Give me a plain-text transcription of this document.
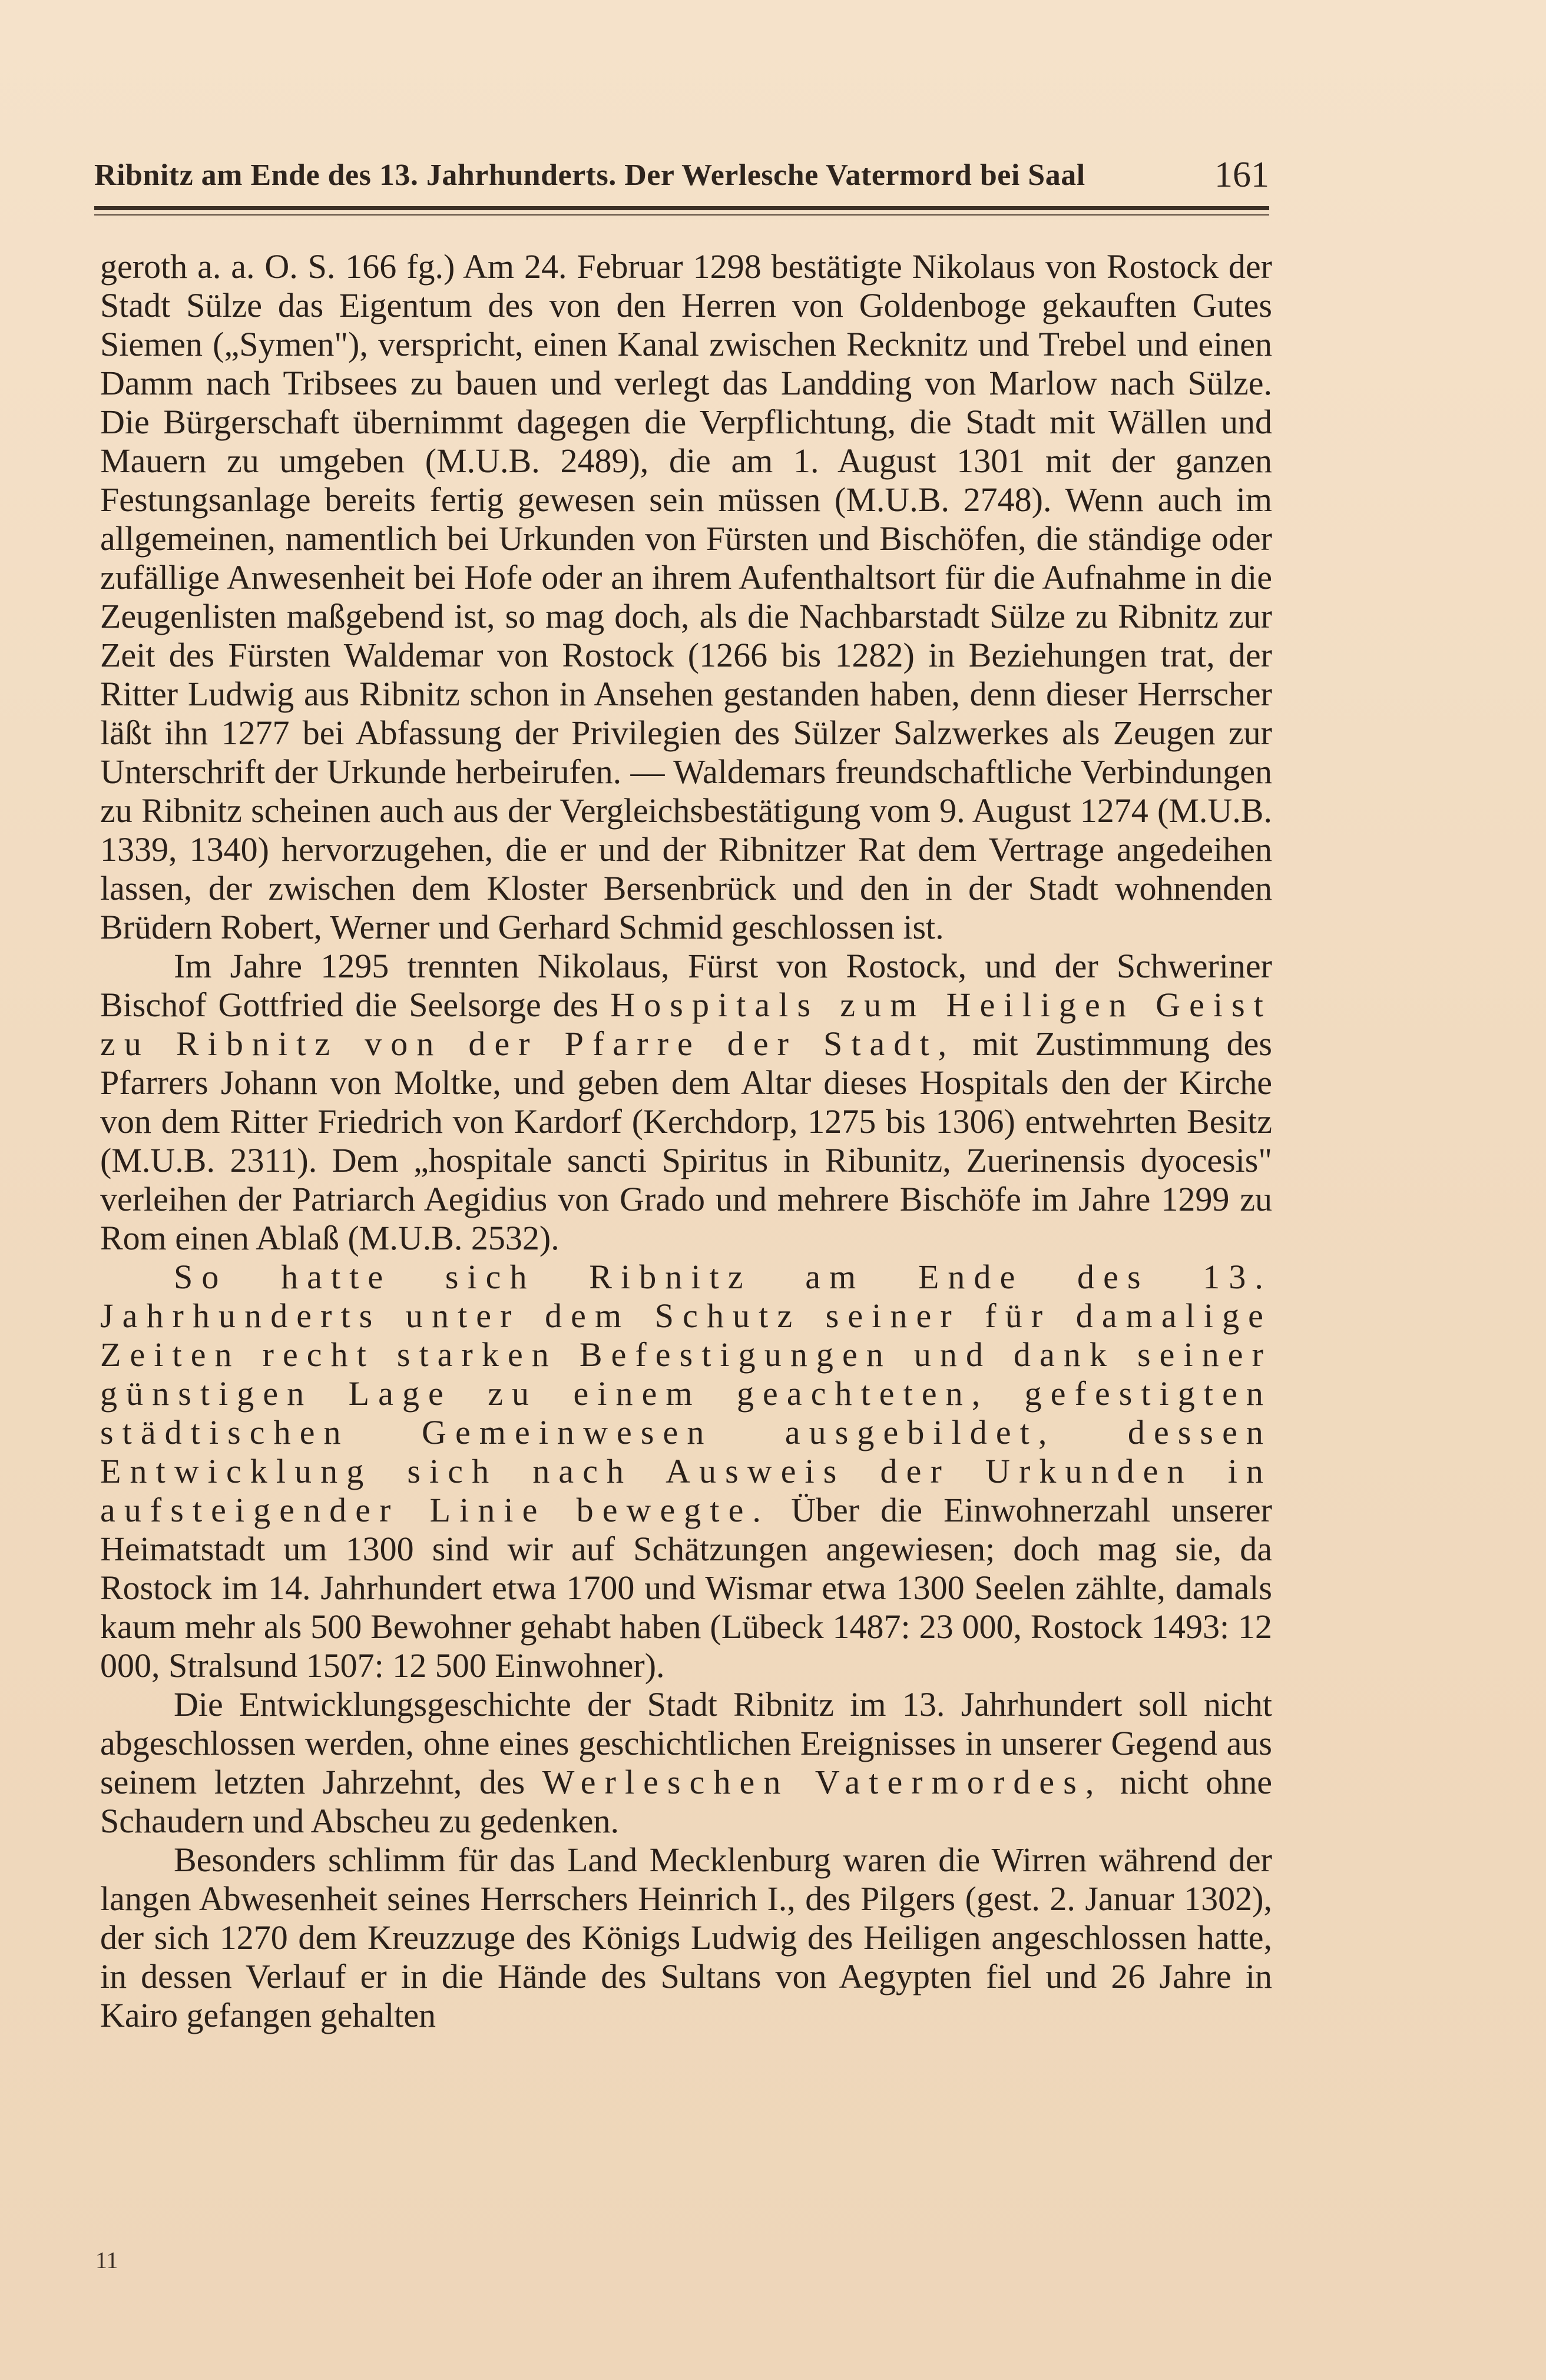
Ribnitz am Ende des 13. Jahrhunderts. Der Werlesche Vatermord bei Saal	161

geroth a. a. O. S. 166 fg.) Am 24. Februar 1298 bestätigte Nikolaus von Rostock der Stadt Sülze das Eigentum des von den Herren von Goldenboge gekauften Gutes Siemen („Symen"), verspricht, einen Kanal zwischen Recknitz und Trebel und einen Damm nach Tribsees zu bauen und verlegt das Landding von Marlow nach Sülze. Die Bürgerschaft übernimmt dagegen die Verpflichtung, die Stadt mit Wällen und Mauern zu umgeben (M.U.B. 2489), die am 1. August 1301 mit der ganzen Festungsanlage bereits fertig gewesen sein müssen (M.U.B. 2748). Wenn auch im allgemeinen, namentlich bei Urkunden von Fürsten und Bischöfen, die ständige oder zufällige Anwesenheit bei Hofe oder an ihrem Aufenthaltsort für die Aufnahme in die Zeugenlisten maßgebend ist, so mag doch, als die Nachbarstadt Sülze zu Ribnitz zur Zeit des Fürsten Waldemar von Rostock (1266 bis 1282) in Beziehungen trat, der Ritter Ludwig aus Ribnitz schon in Ansehen gestanden haben, denn dieser Herrscher läßt ihn 1277 bei Abfassung der Privilegien des Sülzer Salzwerkes als Zeugen zur Unterschrift der Urkunde herbeirufen. — Waldemars freundschaftliche Verbindungen zu Ribnitz scheinen auch aus der Vergleichsbestätigung vom 9. August 1274 (M.U.B. 1339, 1340) hervorzugehen, die er und der Ribnitzer Rat dem Vertrage angedeihen lassen, der zwischen dem Kloster Bersenbrück und den in der Stadt wohnenden Brüdern Robert, Werner und Gerhard Schmid geschlossen ist.

Im Jahre 1295 trennten Nikolaus, Fürst von Rostock, und der Schweriner Bischof Gottfried die Seelsorge des Hospitals zum Heiligen Geist zu Ribnitz von der Pfarre der Stadt, mit Zustimmung des Pfarrers Johann von Moltke, und geben dem Altar dieses Hospitals den der Kirche von dem Ritter Friedrich von Kardorf (Kerchdorp, 1275 bis 1306) entwehrten Besitz (M.U.B. 2311). Dem „hospitale sancti Spiritus in Ribunitz, Zuerinensis dyocesis" verleihen der Patriarch Aegidius von Grado und mehrere Bischöfe im Jahre 1299 zu Rom einen Ablaß (M.U.B. 2532).

So hatte sich Ribnitz am Ende des 13. Jahrhunderts unter dem Schutz seiner für damalige Zeiten recht starken Befestigungen und dank seiner günstigen Lage zu einem geachteten, gefestigten städtischen Gemeinwesen ausgebildet, dessen Entwicklung sich nach Ausweis der Urkunden in aufsteigender Linie bewegte. Über die Einwohnerzahl unserer Heimatstadt um 1300 sind wir auf Schätzungen angewiesen; doch mag sie, da Rostock im 14. Jahrhundert etwa 1700 und Wismar etwa 1300 Seelen zählte, damals kaum mehr als 500 Bewohner gehabt haben (Lübeck 1487: 23 000, Rostock 1493: 12 000, Stralsund 1507: 12 500 Einwohner).

Die Entwicklungsgeschichte der Stadt Ribnitz im 13. Jahrhundert soll nicht abgeschlossen werden, ohne eines geschichtlichen Ereignisses in unserer Gegend aus seinem letzten Jahrzehnt, des Werleschen Vatermordes, nicht ohne Schaudern und Abscheu zu gedenken.

Besonders schlimm für das Land Mecklenburg waren die Wirren während der langen Abwesenheit seines Herrschers Heinrich I., des Pilgers (gest. 2. Januar 1302), der sich 1270 dem Kreuzzuge des Königs Ludwig des Heiligen angeschlossen hatte, in dessen Verlauf er in die Hände des Sultans von Aegypten fiel und 26 Jahre in Kairo gefangen gehalten

11
